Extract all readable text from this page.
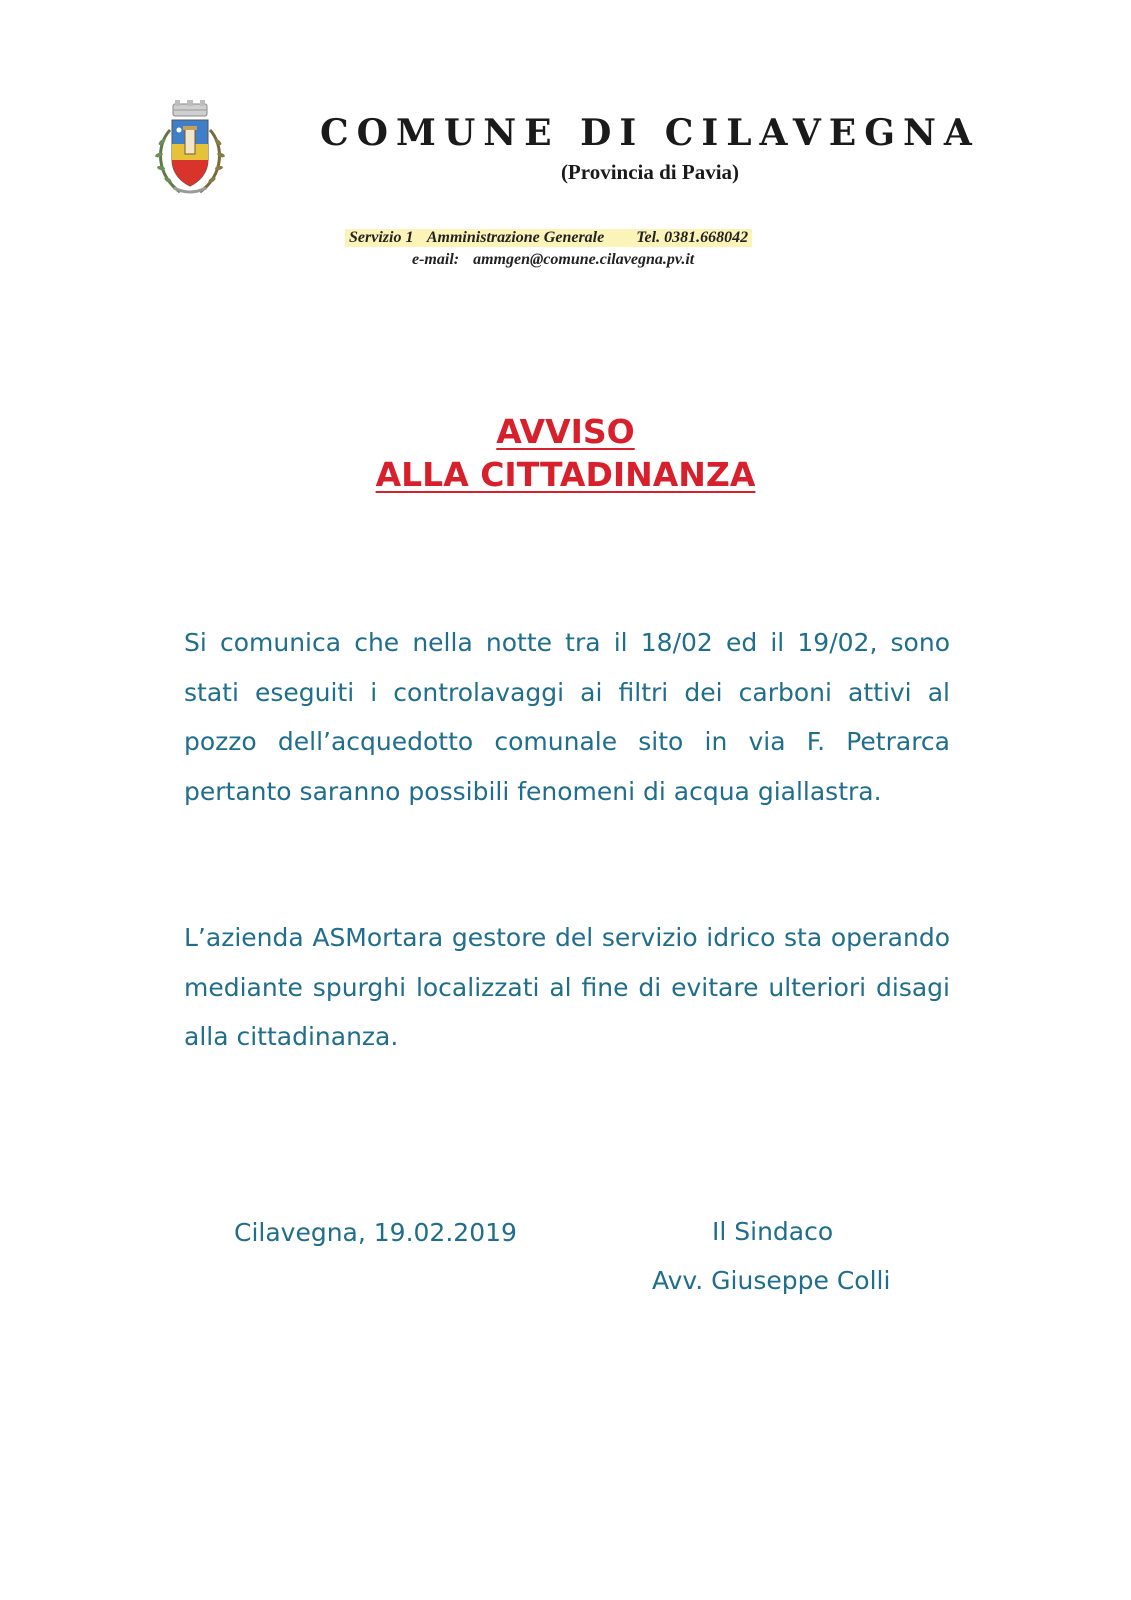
COMUNE DI CILAVEGNA
(Provincia di Pavia)
Servizio 1 Amministrazione Generale Tel. 0381.668042
e-mail: ammgen@comune.cilavegna.pv.it
AVVISO
ALLA CITTADINANZA
Si comunica che nella notte tra il 18/02 ed il 19/02, sono stati eseguiti i controlavaggi ai filtri dei carboni attivi al pozzo dell’acquedotto comunale sito in via F. Petrarca pertanto saranno possibili fenomeni di acqua giallastra.
L’azienda ASMortara gestore del servizio idrico sta operando mediante spurghi localizzati al fine di evitare ulteriori disagi alla cittadinanza.
Cilavegna, 19.02.2019	Il Sindaco
Avv. Giuseppe Colli
